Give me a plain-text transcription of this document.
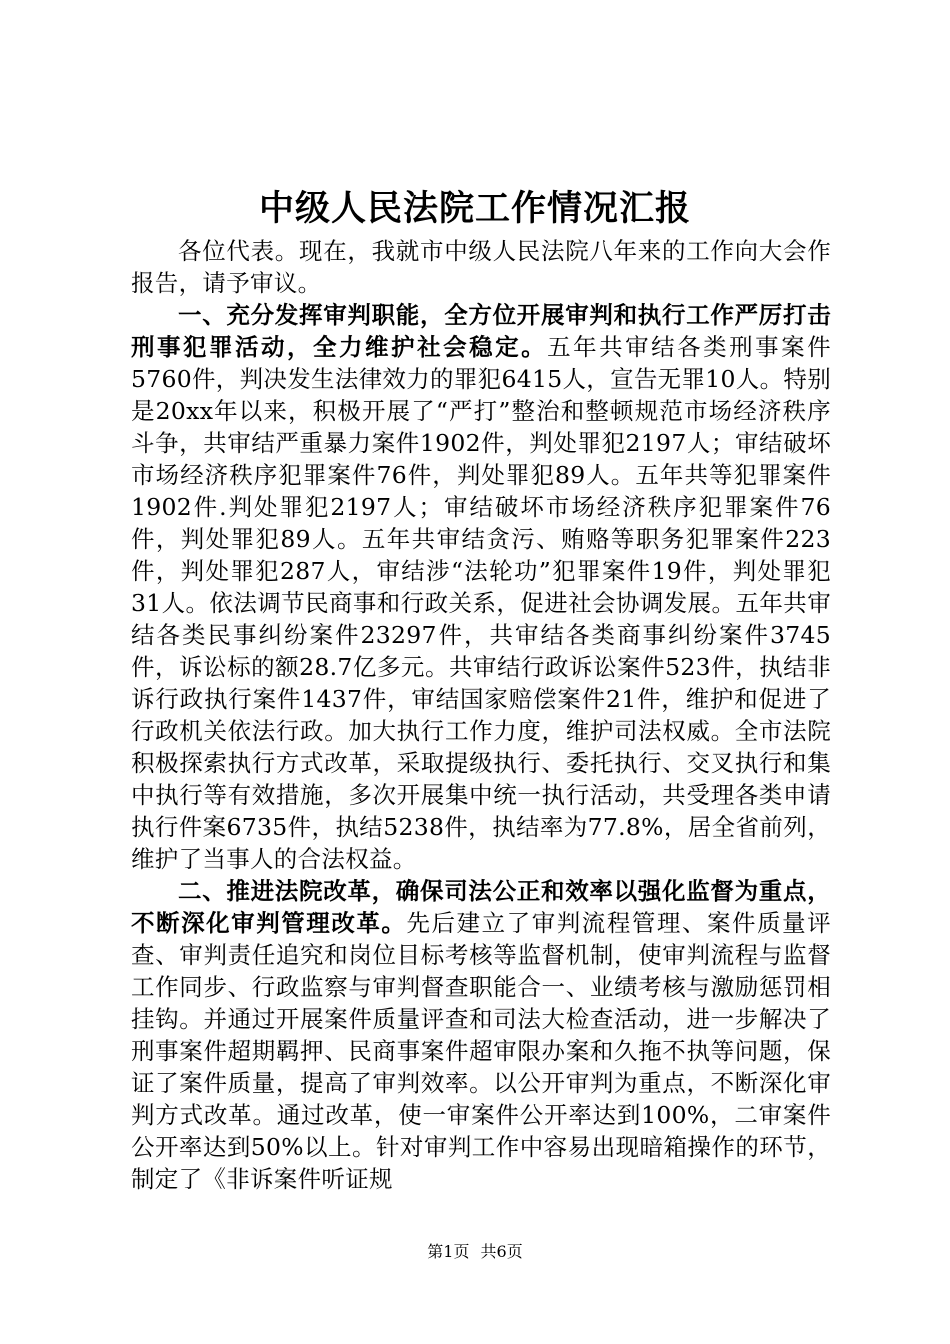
中级人民法院工作情况汇报

各位代表。现在，我就市中级人民法院八年来的工作向大会作报告，请予审议。

一、充分发挥审判职能，全方位开展审判和执行工作严厉打击刑事犯罪活动，全力维护社会稳定。五年共审结各类刑事案件5760件，判决发生法律效力的罪犯6415人，宣告无罪10人。特别是20xx年以来，积极开展了“严打”整治和整顿规范市场经济秩序斗争，共审结严重暴力案件1902件，判处罪犯2197人；审结破坏市场经济秩序犯罪案件76件，判处罪犯89人。五年共等犯罪案件1902件.判处罪犯2197人；审结破坏市场经济秩序犯罪案件76件，判处罪犯89人。五年共审结贪污、贿赂等职务犯罪案件223件，判处罪犯287人，审结涉“法轮功”犯罪案件19件，判处罪犯31人。依法调节民商事和行政关系，促进社会协调发展。五年共审结各类民事纠纷案件23297件，共审结各类商事纠纷案件3745件，诉讼标的额28.7亿多元。共审结行政诉讼案件523件，执结非诉行政执行案件1437件，审结国家赔偿案件21件，维护和促进了行政机关依法行政。加大执行工作力度，维护司法权威。全市法院积极探索执行方式改革，采取提级执行、委托执行、交叉执行和集中执行等有效措施，多次开展集中统一执行活动，共受理各类申请执行件案6735件，执结5238件，执结率为77.8%，居全省前列，维护了当事人的合法权益。

二、推进法院改革，确保司法公正和效率以强化监督为重点，不断深化审判管理改革。先后建立了审判流程管理、案件质量评查、审判责任追究和岗位目标考核等监督机制，使审判流程与监督工作同步、行政监察与审判督查职能合一、业绩考核与激励惩罚相挂钩。并通过开展案件质量评查和司法大检查活动，进一步解决了刑事案件超期羁押、民商事案件超审限办案和久拖不执等问题，保证了案件质量，提高了审判效率。以公开审判为重点，不断深化审判方式改革。通过改革，使一审案件公开率达到100%，二审案件公开率达到50%以上。针对审判工作中容易出现暗箱操作的环节，制定了《非诉案件听证规

第1页 共6页
